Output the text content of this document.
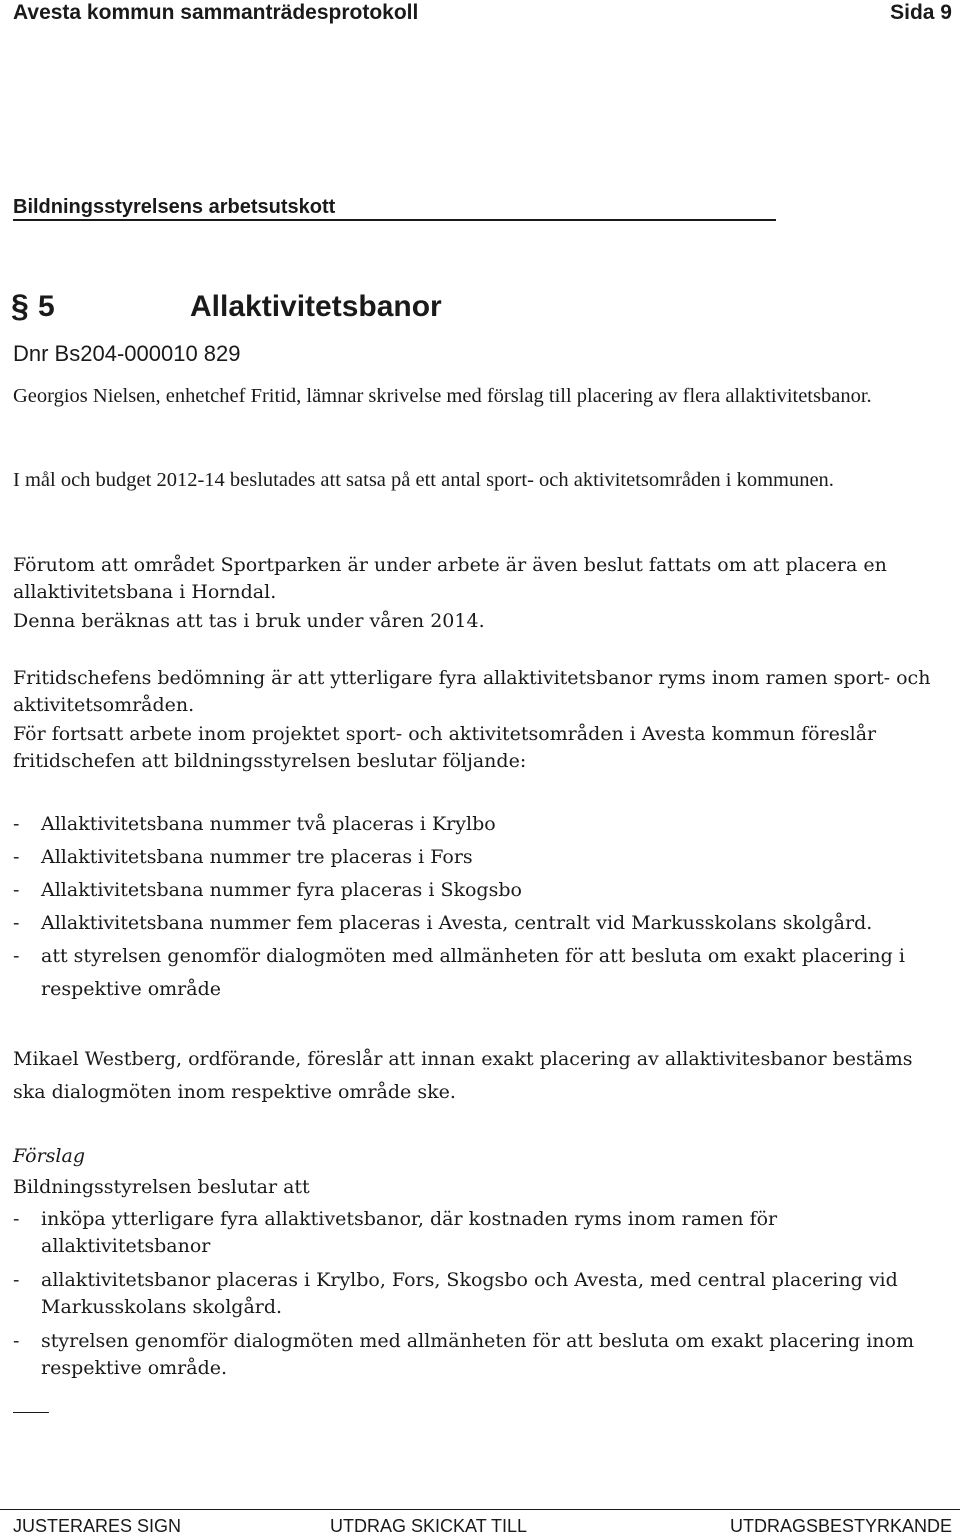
Avesta kommun sammanträdesprotokoll	Sida 9
Bildningsstyrelsens arbetsutskott
§ 5	Allaktivitetsbanor
Dnr Bs204-000010 829
Georgios Nielsen, enhetchef Fritid, lämnar skrivelse med förslag till placering av flera allaktivitetsbanor.
I mål och budget 2012-14 beslutades att satsa på ett antal sport- och aktivitetsområden i kommunen.
Förutom att området Sportparken är under arbete är även beslut fattats om att placera en allaktivitetsbana i Horndal.
Denna beräknas att tas i bruk under våren 2014.
Fritidschefens bedömning är att ytterligare fyra allaktivitetsbanor ryms inom ramen sport- och aktivitetsområden.
För fortsatt arbete inom projektet sport- och aktivitetsområden i Avesta kommun föreslår fritidschefen att bildningsstyrelsen beslutar följande:
- Allaktivitetsbana nummer två placeras i Krylbo
- Allaktivitetsbana nummer tre placeras i Fors
- Allaktivitetsbana nummer fyra placeras i Skogsbo
- Allaktivitetsbana nummer fem placeras i Avesta, centralt vid Markusskolans skolgård.
- att styrelsen genomför dialogmöten med allmänheten för att besluta om exakt placering i respektive område
Mikael Westberg, ordförande, föreslår att innan exakt placering av allaktivitesbanor bestäms ska dialogmöten inom respektive område ske.
Förslag
Bildningsstyrelsen beslutar att
- inköpa ytterligare fyra allaktivetsbanor, där kostnaden ryms inom ramen för allaktivitetsbanor
- allaktivitetsbanor placeras i Krylbo, Fors, Skogsbo och Avesta, med central placering vid Markusskolans skolgård.
- styrelsen genomför dialogmöten med allmänheten för att besluta om exakt placering inom respektive område.
JUSTERARES SIGN	UTDRAG SKICKAT TILL	UTDRAGSBESTYRKANDE
